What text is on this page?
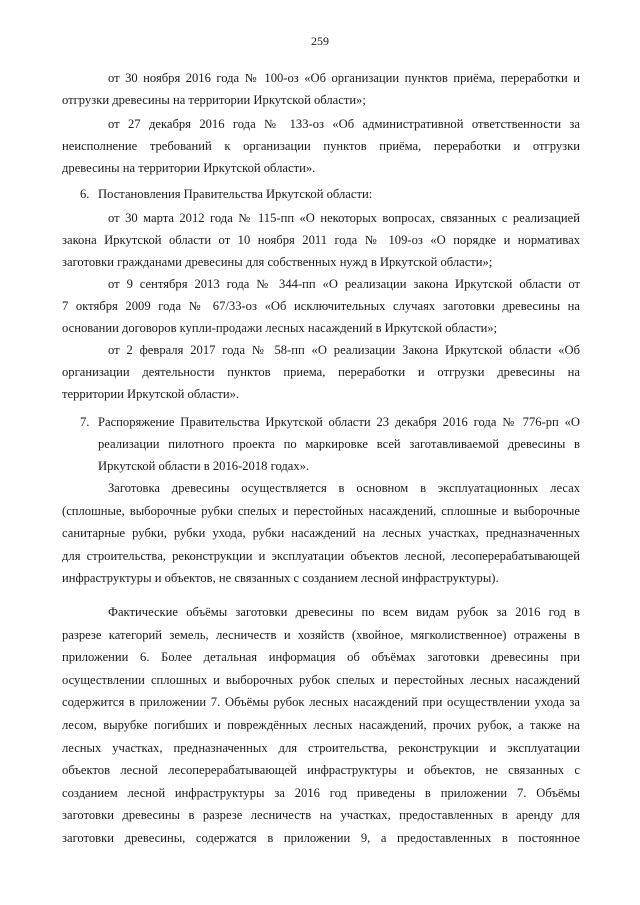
259
от 30 ноября 2016 года № 100-оз «Об организации пунктов приёма, переработки и
отгрузки древесины на территории Иркутской области»;
от 27 декабря 2016 года № 133-оз «Об административной ответственности за
неисполнение требований к организации пунктов приёма, переработки и отгрузки
древесины на территории Иркутской области».
6. Постановления Правительства Иркутской области:
от 30 марта 2012 года № 115-пп «О некоторых вопросах, связанных с реализацией
закона Иркутской области от 10 ноября 2011 года № 109-оз «О порядке и нормативах
заготовки гражданами древесины для собственных нужд в Иркутской области»;
от 9 сентября 2013 года № 344-пп «О реализации закона Иркутской области от
7 октября 2009 года № 67/33-оз «Об исключительных случаях заготовки древесины на
основании договоров купли-продажи лесных насаждений в Иркутской области»;
от 2 февраля 2017 года № 58-пп «О реализации Закона Иркутской области «Об
организации деятельности пунктов приема, переработки и отгрузки древесины на
территории Иркутской области».
7. Распоряжение Правительства Иркутской области 23 декабря 2016 года № 776-рп «О
реализации пилотного проекта по маркировке всей заготавливаемой древесины в
Иркутской области в 2016-2018 годах».
Заготовка древесины осуществляется в основном в эксплуатационных лесах
(сплошные, выборочные рубки спелых и перестойных насаждений, сплошные и выборочные
санитарные рубки, рубки ухода, рубки насаждений на лесных участках, предназначенных
для строительства, реконструкции и эксплуатации объектов лесной, лесоперерабатывающей
инфраструктуры и объектов, не связанных с созданием лесной инфраструктуры).
Фактические объёмы заготовки древесины по всем видам рубок за 2016 год в
разрезе категорий земель, лесничеств и хозяйств (хвойное, мягколиственное) отражены в
приложении 6. Более детальная информация об объёмах заготовки древесины при
осуществлении сплошных и выборочных рубок спелых и перестойных лесных насаждений
содержится в приложении 7. Объёмы рубок лесных насаждений при осуществлении ухода за
лесом, вырубке погибших и повреждённых лесных насаждений, прочих рубок, а также на
лесных участках, предназначенных для строительства, реконструкции и эксплуатации
объектов лесной лесоперерабатывающей инфраструктуры и объектов, не связанных с
созданием лесной инфраструктуры за 2016 год приведены в приложении 7. Объёмы
заготовки древесины в разрезе лесничеств на участках, предоставленных в аренду для
заготовки древесины, содержатся в приложении 9, а предоставленных в постоянное
